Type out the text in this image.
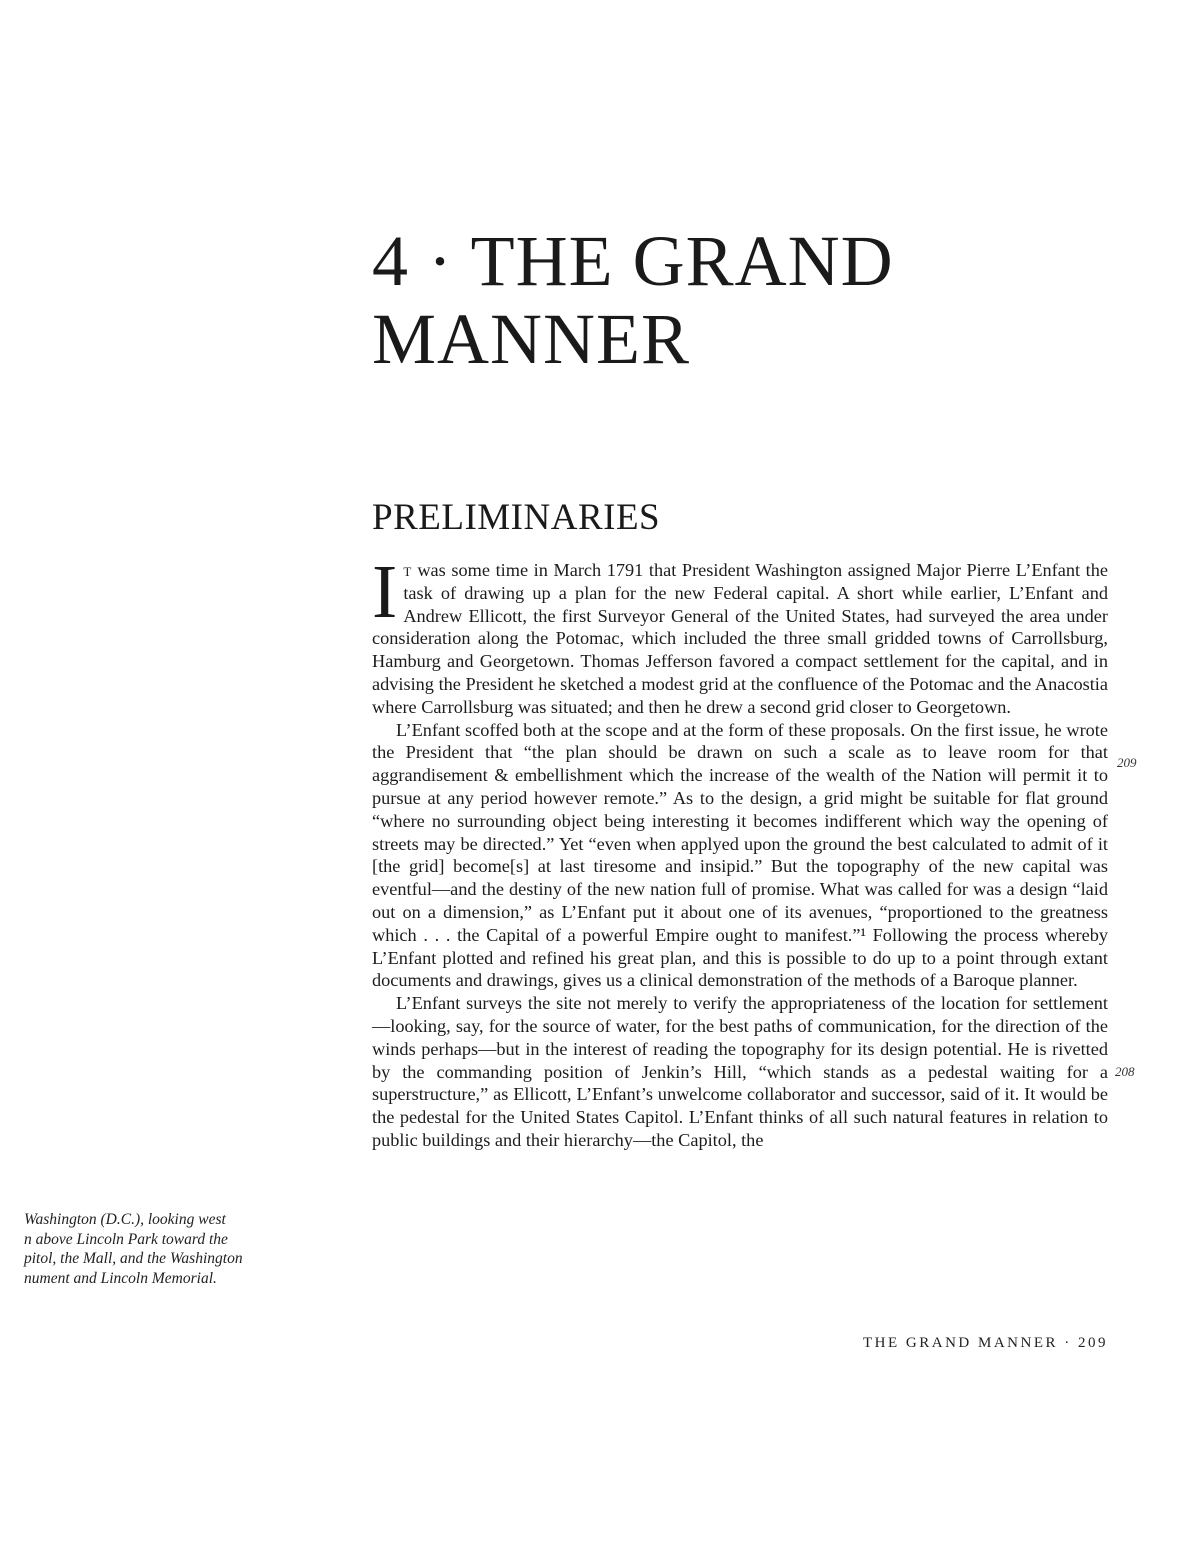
4 · THE GRAND
MANNER
PRELIMINARIES

It was some time in March 1791 that President Washington assigned Major Pierre L’Enfant the task of drawing up a plan for the new Federal capital. A short while earlier, L’Enfant and Andrew Ellicott, the first Surveyor General of the United States, had surveyed the area under consideration along the Potomac, which included the three small gridded towns of Carrollsburg, Hamburg and Georgetown. Thomas Jefferson favored a compact settlement for the capital, and in advising the President he sketched a modest grid at the confluence of the Potomac and the Anacostia where Carrollsburg was situated; and then he drew a second grid closer to Georgetown.

L’Enfant scoffed both at the scope and at the form of these proposals. On the first issue, he wrote the President that “the plan should be drawn on such a scale as to leave room for that aggrandisement & embellishment which the increase of the wealth of the Nation will permit it to pursue at any period however remote.” As to the design, a grid might be suitable for flat ground “where no surrounding object being interesting it becomes indifferent which way the opening of streets may be directed.” Yet “even when applyed upon the ground the best calculated to admit of it [the grid] become[s] at last tiresome and insipid.” But the topography of the new capital was eventful—and the destiny of the new nation full of promise. What was called for was a design “laid out on a dimension,” as L’Enfant put it about one of its avenues, “proportioned to the greatness which . . . the Capital of a powerful Empire ought to manifest.”¹ Following the process whereby L’Enfant plotted and refined his great plan, and this is possible to do up to a point through extant documents and drawings, gives us a clinical demonstration of the methods of a Baroque planner.

L’Enfant surveys the site not merely to verify the appropriateness of the location for settlement—looking, say, for the source of water, for the best paths of communication, for the direction of the winds perhaps—but in the interest of reading the topography for its design potential. He is rivetted by the commanding position of Jenkin’s Hill, “which stands as a pedestal waiting for a superstructure,” as Ellicott, L’Enfant’s unwelcome collaborator and successor, said of it. It would be the pedestal for the United States Capitol. L’Enfant thinks of all such natural features in relation to public buildings and their hierarchy—the Capitol, the

209
208
Washington (D.C.), looking west
n above Lincoln Park toward the
pitol, the Mall, and the Washington
nument and Lincoln Memorial.
THE GRAND MANNER · 209
